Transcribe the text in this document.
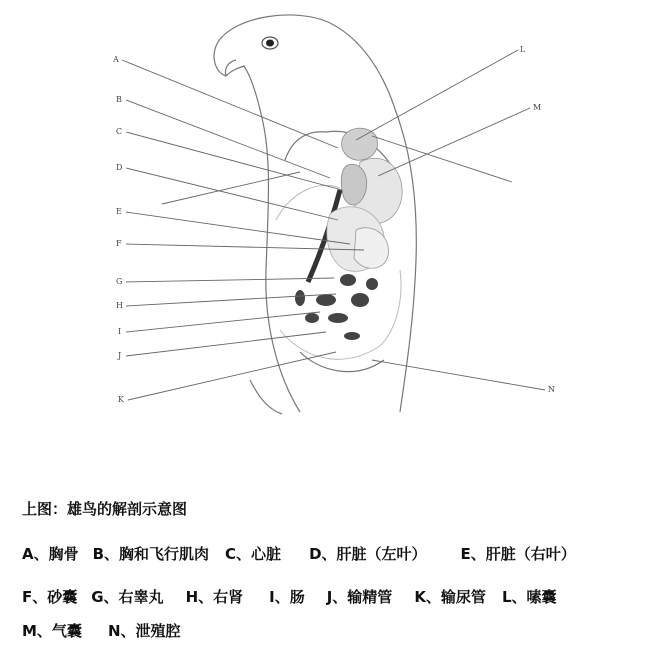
A
B
C
D
E
F
G
H
I
J
K
L
M
N
上图：雄鸟的解剖示意图
A、胸骨 B、胸和飞行肌肉 C、心脏 D、肝脏（左叶） E、肝脏（右叶）
F、砂囊 G、右睾丸 H、右肾 I、肠 J、输精管 K、输尿管 L、嗉囊
M、气囊 N、泄殖腔
